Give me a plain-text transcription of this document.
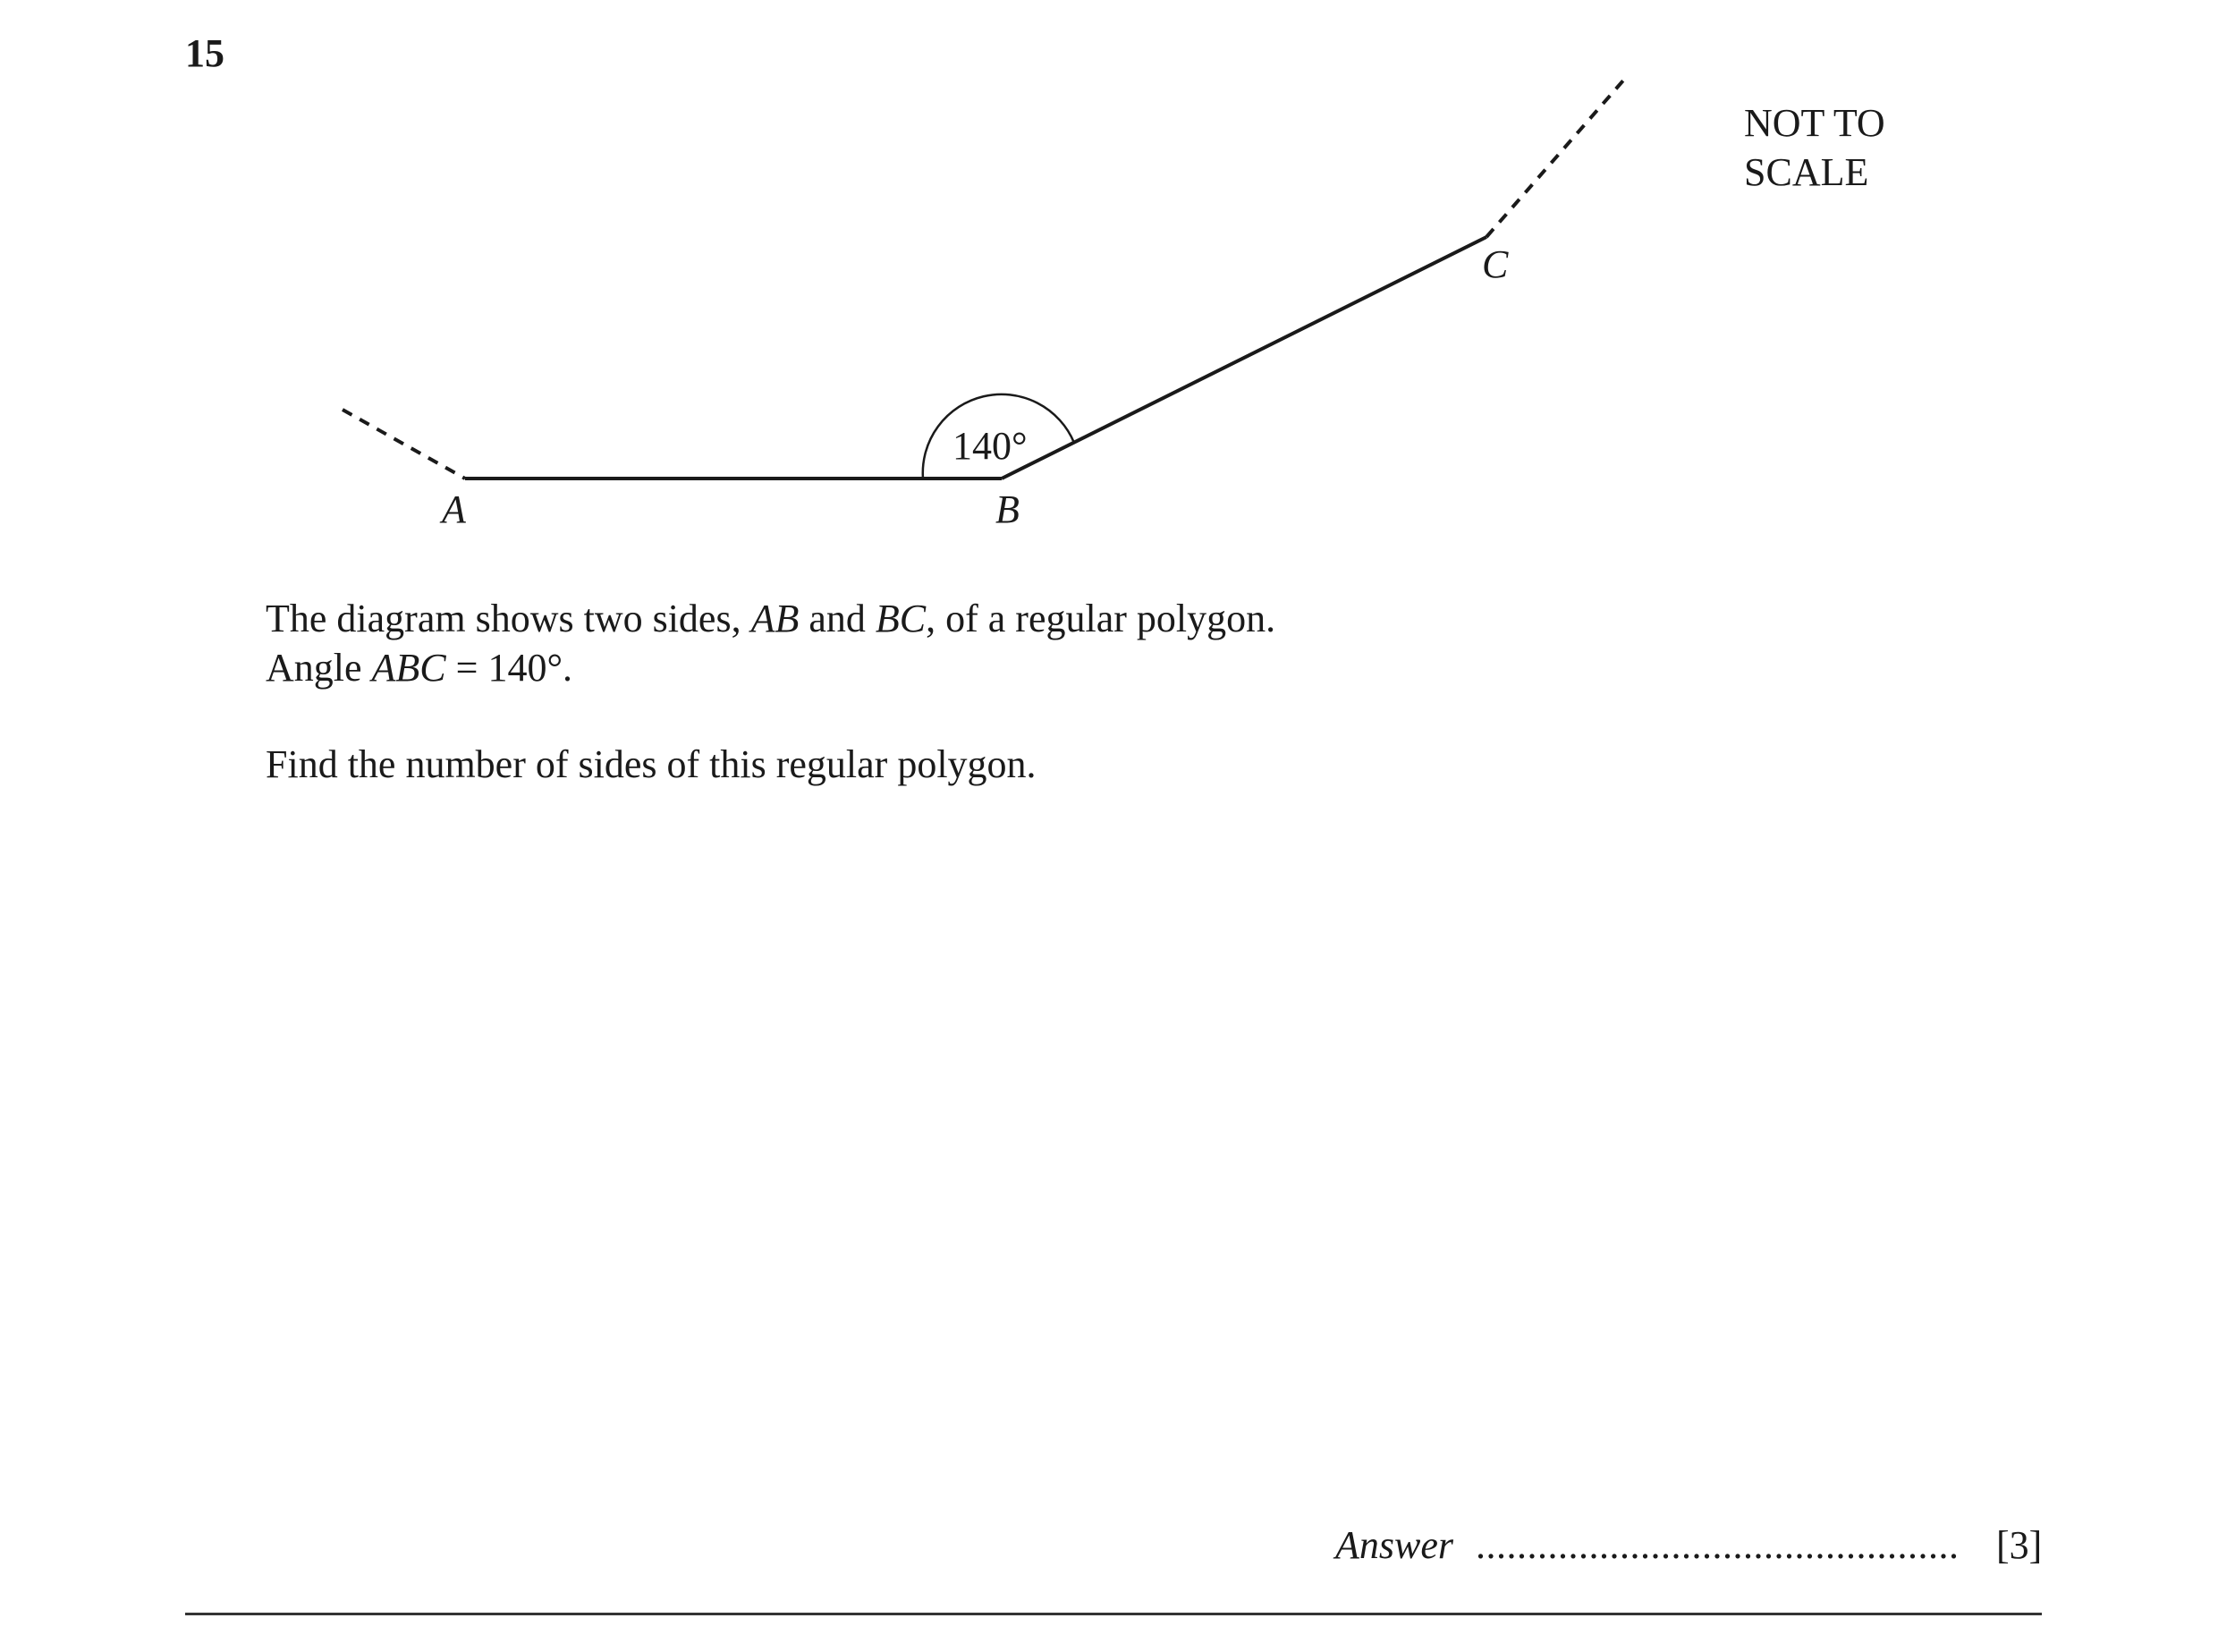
15
NOT TO
SCALE
140°
A	B
C
The diagram shows two sides, AB and BC, of a regular polygon.
Angle ABC = 140°.
Find the number of sides of this regular polygon.
Answer ............................................... [3]
